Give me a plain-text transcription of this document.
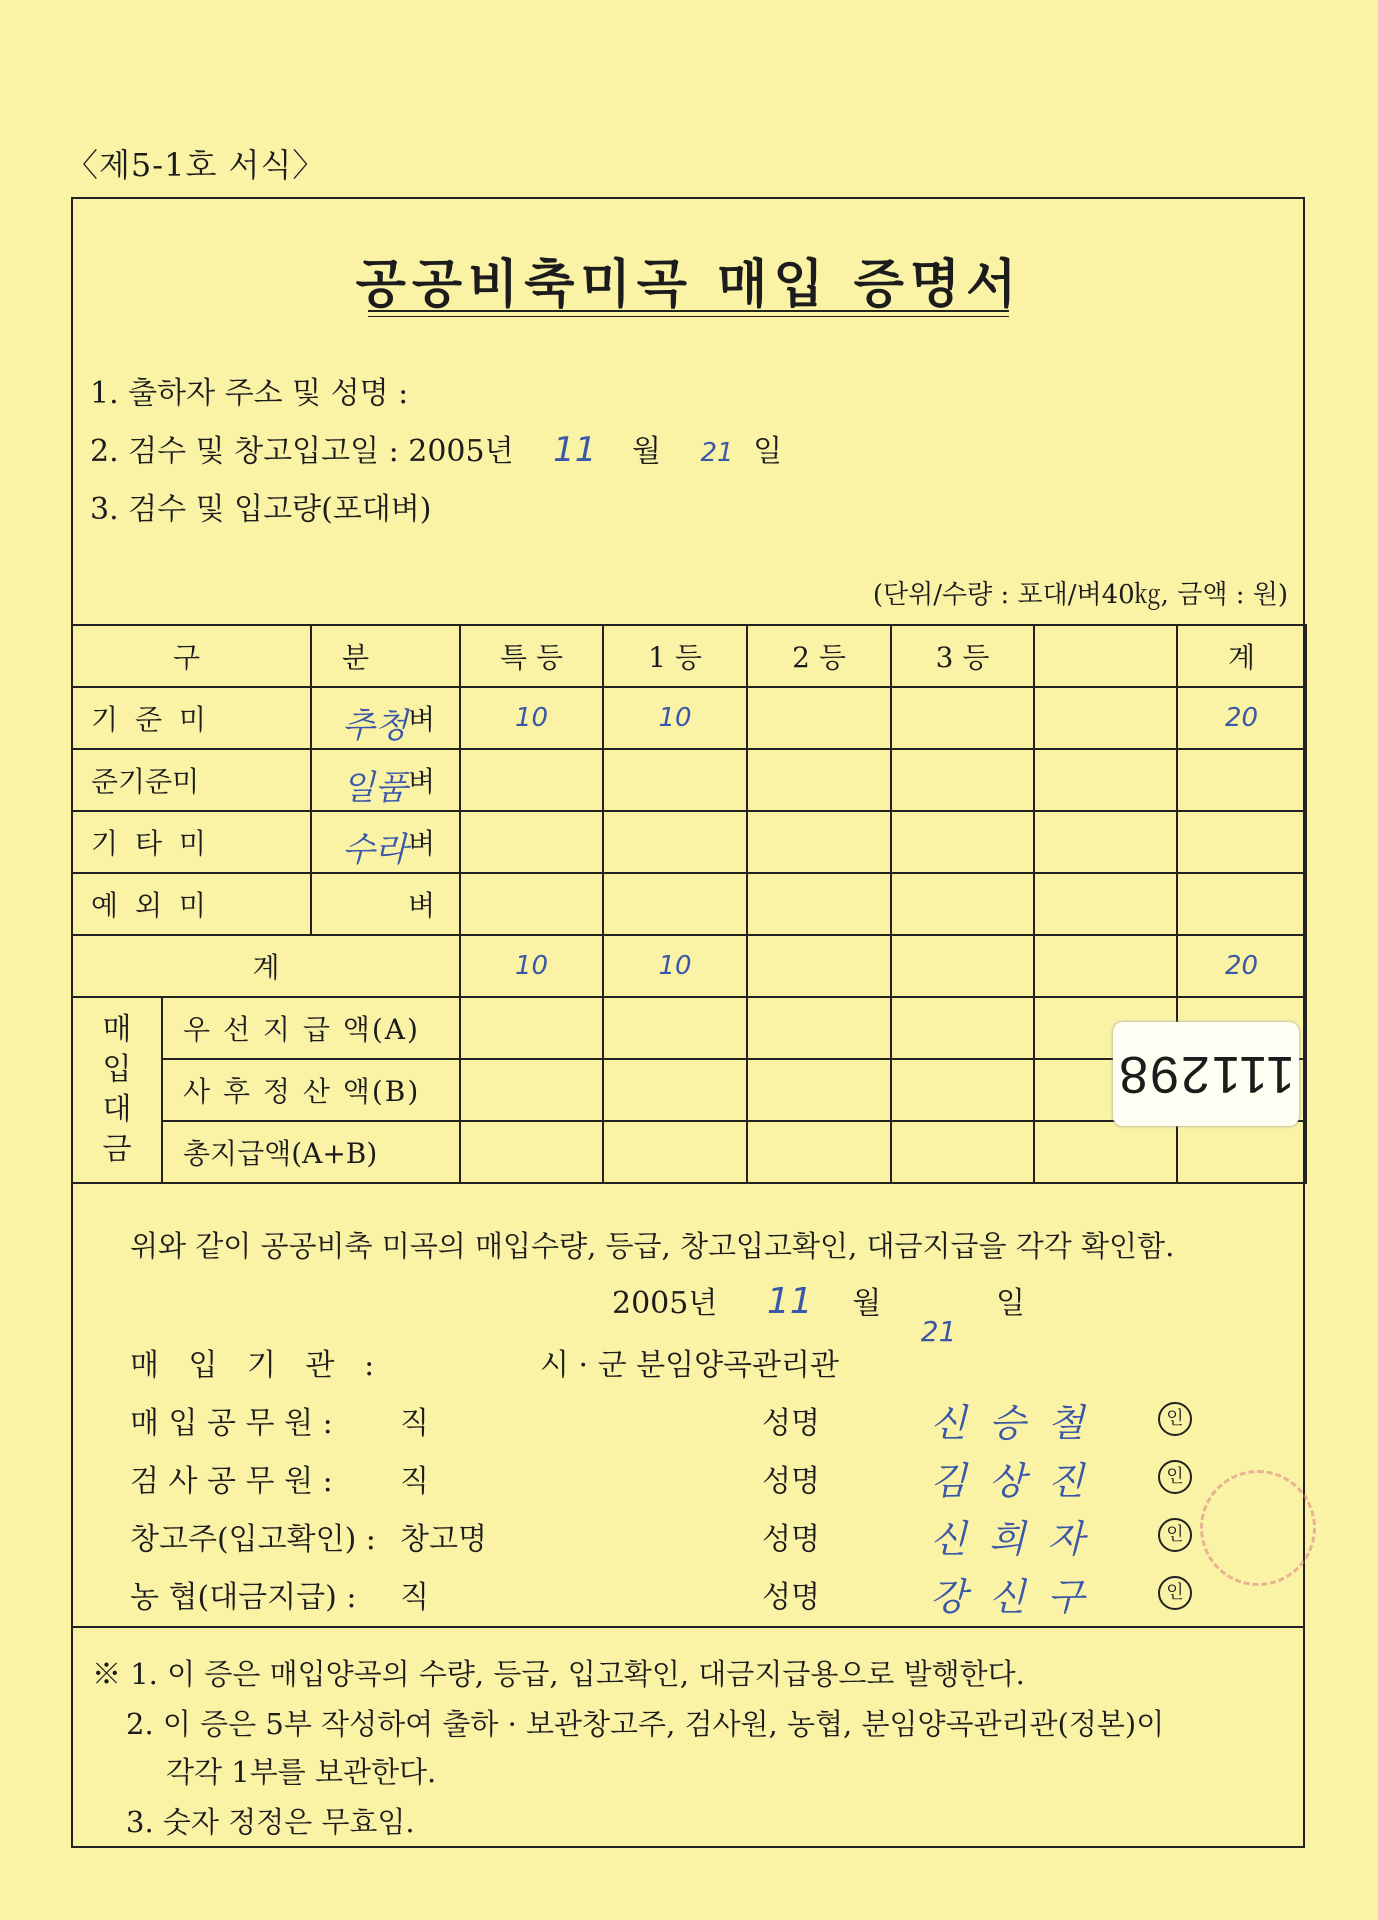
〈제5-1호 서식〉
공공비축미곡 매입 증명서
1. 출하자 주소 및 성명 :
2. 검수 및 창고입고일 : 2005년 11 월 21 일
3. 검수 및 입고량(포대벼)
(단위/수량 : 포대/벼40㎏, 금액 : 원)
구		분	특 등	1 등	2 등	3 등		계
기 준 미		추청 벼	10	10				20
준기준미		일품 벼						
기 타 미		수라 벼						
예 외 미		벼						
계			10	10				20

매 입 대 금	우 선 지 급 액(A)							
	사 후 정 산 액(B)							
	총지급액(A+B)							
111298
위와 같이 공공비축 미곡의 매입수량, 등급, 창고입고확인, 대금지급을 각각 확인함.
2005년 11 월 21 일
매 입 기 관 :	시 · 군 분임양곡관리관
매 입 공 무 원 : 직	성명	신승철	인
검 사 공 무 원 : 직	성명	김상진	인
창고주(입고확인) : 창고명	성명	신희자	인
농 협(대금지급) : 직	성명	강신구	인
※ 1. 이 증은 매입양곡의 수량, 등급, 입고확인, 대금지급용으로 발행한다.
2. 이 증은 5부 작성하여 출하 · 보관창고주, 검사원, 농협, 분임양곡관리관(정본)이
각각 1부를 보관한다.
3. 숫자 정정은 무효임.
